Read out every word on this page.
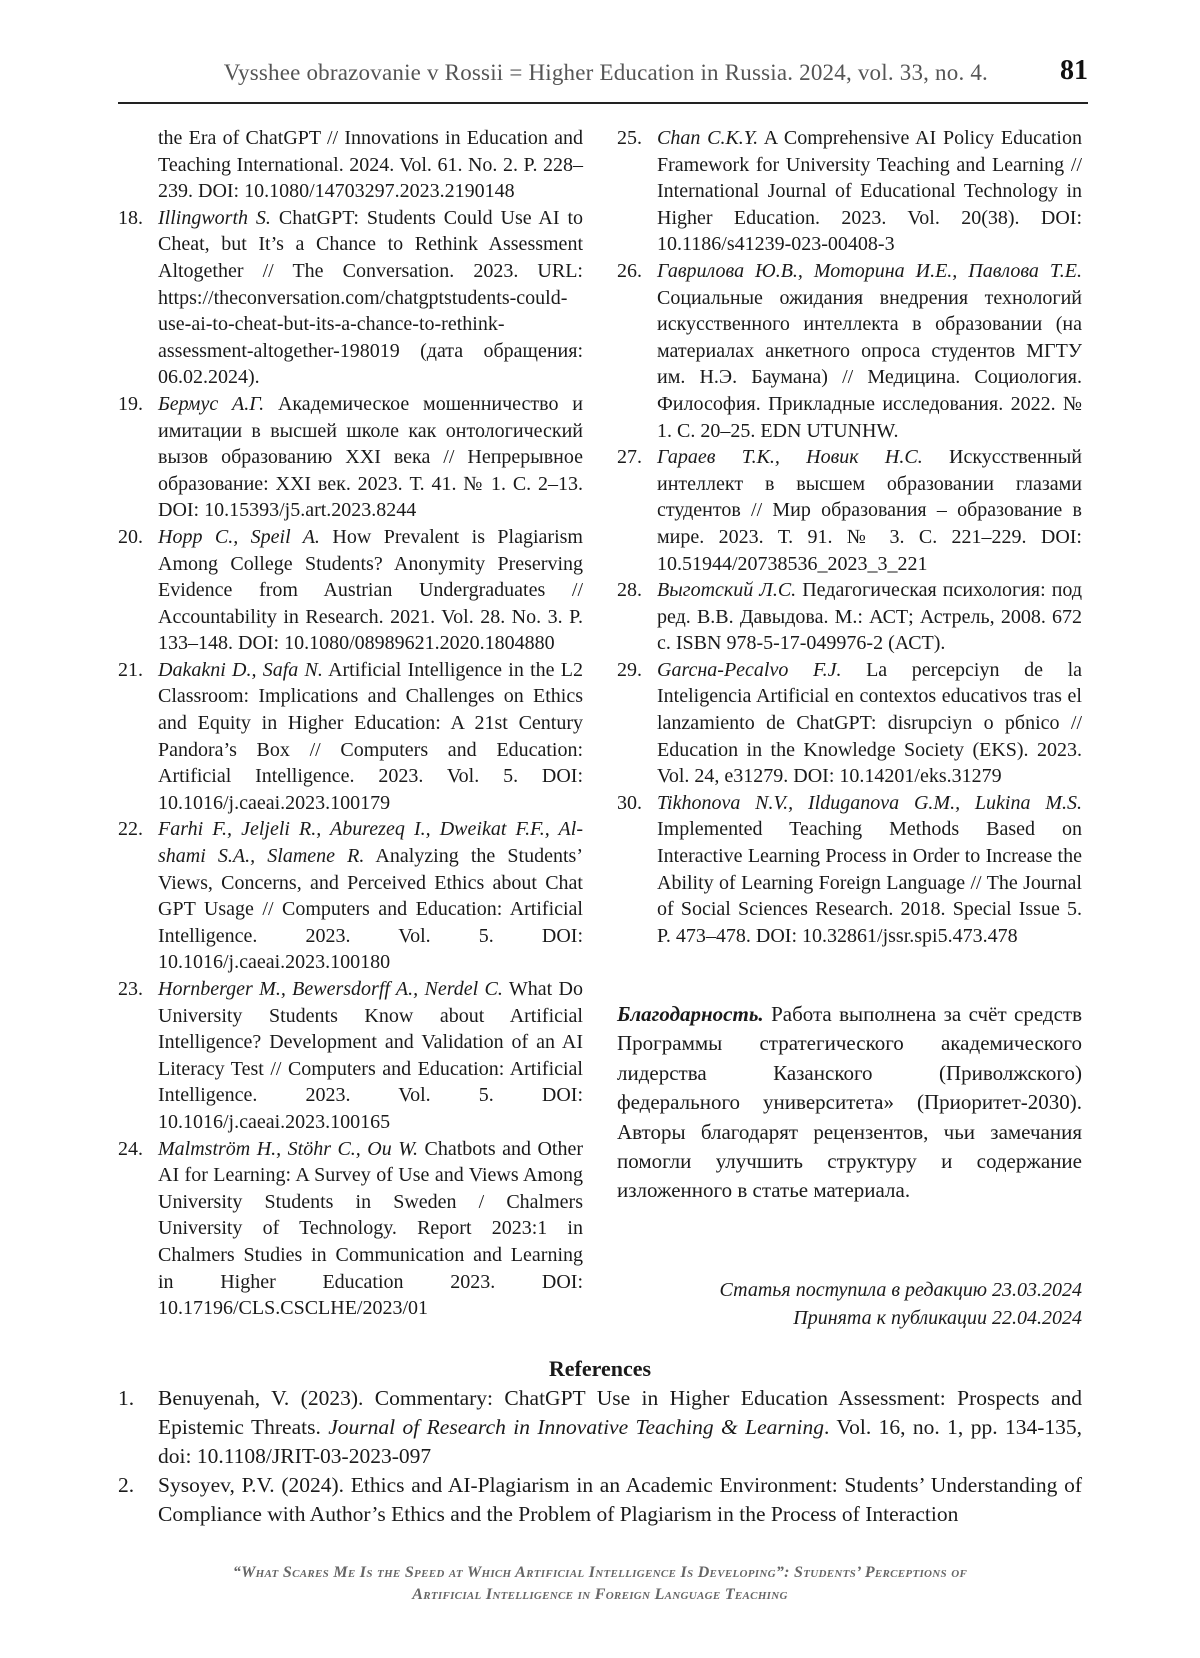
Vysshee obrazovanie v Rossii = Higher Education in Russia. 2024, vol. 33, no. 4.	81

the Era of ChatGPT // Innovations in Education and Teaching International. 2024. Vol. 61. No. 2. P. 228–239. DOI: 10.1080/14703297.2023.2190148

18. Illingworth S. ChatGPT: Students Could Use AI to Cheat, but It’s a Chance to Rethink Assessment Altogether // The Conversation. 2023. URL: https://theconversation.com/chatgptstudents-could-use-ai-to-cheat-but-its-a-chance-to-rethink-assessment-altogether-198019 (дата обращения: 06.02.2024).

19. Бермус А.Г. Академическое мошенничество и имитации в высшей школе как онтологический вызов образованию XXI века // Непрерывное образование: XXI век. 2023. Т. 41. № 1. С. 2–13. DOI: 10.15393/j5.art.2023.8244

20. Hopp C., Speil A. How Prevalent is Plagiarism Among College Students? Anonymity Preserving Evidence from Austrian Undergraduates // Accountability in Research. 2021. Vol. 28. No. 3. P. 133–148. DOI: 10.1080/08989621.2020.1804880

21. Dakakni D., Safa N. Artificial Intelligence in the L2 Classroom: Implications and Challenges on Ethics and Equity in Higher Education: A 21st Century Pandora’s Box // Computers and Education: Artificial Intelligence. 2023. Vol. 5. DOI: 10.1016/j.caeai.2023.100179

22. Farhi F., Jeljeli R., Aburezeq I., Dweikat F.F., Al-shami S.A., Slamene R. Analyzing the Students’ Views, Concerns, and Perceived Ethics about Chat GPT Usage // Computers and Education: Artificial Intelligence. 2023. Vol. 5. DOI: 10.1016/j.caeai.2023.100180

23. Hornberger M., Bewersdorff A., Nerdel C. What Do University Students Know about Artificial Intelligence? Development and Validation of an AI Literacy Test // Computers and Education: Artificial Intelligence. 2023. Vol. 5. DOI: 10.1016/j.caeai.2023.100165

24. Malmström H., Stöhr C., Ou W. Chatbots and Other AI for Learning: A Survey of Use and Views Among University Students in Sweden / Chalmers University of Technology. Report 2023:1 in Chalmers Studies in Communication and Learning in Higher Education 2023. DOI: 10.17196/CLS.CSCLHE/2023/01

25. Chan C.K.Y. A Comprehensive AI Policy Education Framework for University Teaching and Learning // International Journal of Educational Technology in Higher Education. 2023. Vol. 20(38). DOI: 10.1186/s41239-023-00408-3

26. Гаврилова Ю.В., Моторина И.Е., Павлова Т.Е. Социальные ожидания внедрения технологий искусственного интеллекта в образовании (на материалах анкетного опроса студентов МГТУ им. Н.Э. Баумана) // Медицина. Социология. Философия. Прикладные исследования. 2022. № 1. С. 20–25. EDN UTUNHW.

27. Гараев Т.К., Новик Н.С. Искусственный интеллект в высшем образовании глазами студентов // Мир образования – образование в мире. 2023. Т. 91. № 3. С. 221–229. DOI: 10.51944/20738536_2023_3_221

28. Выготский Л.С. Педагогическая психология: под ред. В.В. Давыдова. М.: АСТ; Астрель, 2008. 672 с. ISBN 978-5-17-049976-2 (АСТ).

29. Garcнa-Peсalvo F.J. La percepciуn de la Inteligencia Artificial en contextos educativos tras el lanzamiento de ChatGPT: disrupciуn o pбnico // Education in the Knowledge Society (EKS). 2023. Vol. 24, e31279. DOI: 10.14201/eks.31279

30. Tikhonova N.V., Ilduganova G.M., Lukina M.S. Implemented Teaching Methods Based on Interactive Learning Process in Order to Increase the Ability of Learning Foreign Language // The Journal of Social Sciences Research. 2018. Special Issue 5. P. 473–478. DOI: 10.32861/jssr.spi5.473.478

Благодарность. Работа выполнена за счёт средств Программы стратегического академического лидерства Казанского (Приволжского) федерального университета» (Приоритет-2030). Авторы благодарят рецензентов, чьи замечания помогли улучшить структуру и содержание изложенного в статье материала.
Статья поступила в редакцию 23.03.2024
Принята к публикации 22.04.2024
References

1. Benuyenah, V. (2023). Commentary: ChatGPT Use in Higher Education Assessment: Prospects and Epistemic Threats. Journal of Research in Innovative Teaching & Learning. Vol. 16, no. 1, pp. 134-135, doi: 10.1108/JRIT-03-2023-097

2. Sysoyev, P.V. (2024). Ethics and AI-Plagiarism in an Academic Environment: Students’ Understanding of Compliance with Author’s Ethics and the Problem of Plagiarism in the Process of Interaction

“What Scares Me Is the Speed at Which Artificial Intelligence Is Developing”: Students’ Perceptions of
Artificial Intelligence in Foreign Language Teaching
